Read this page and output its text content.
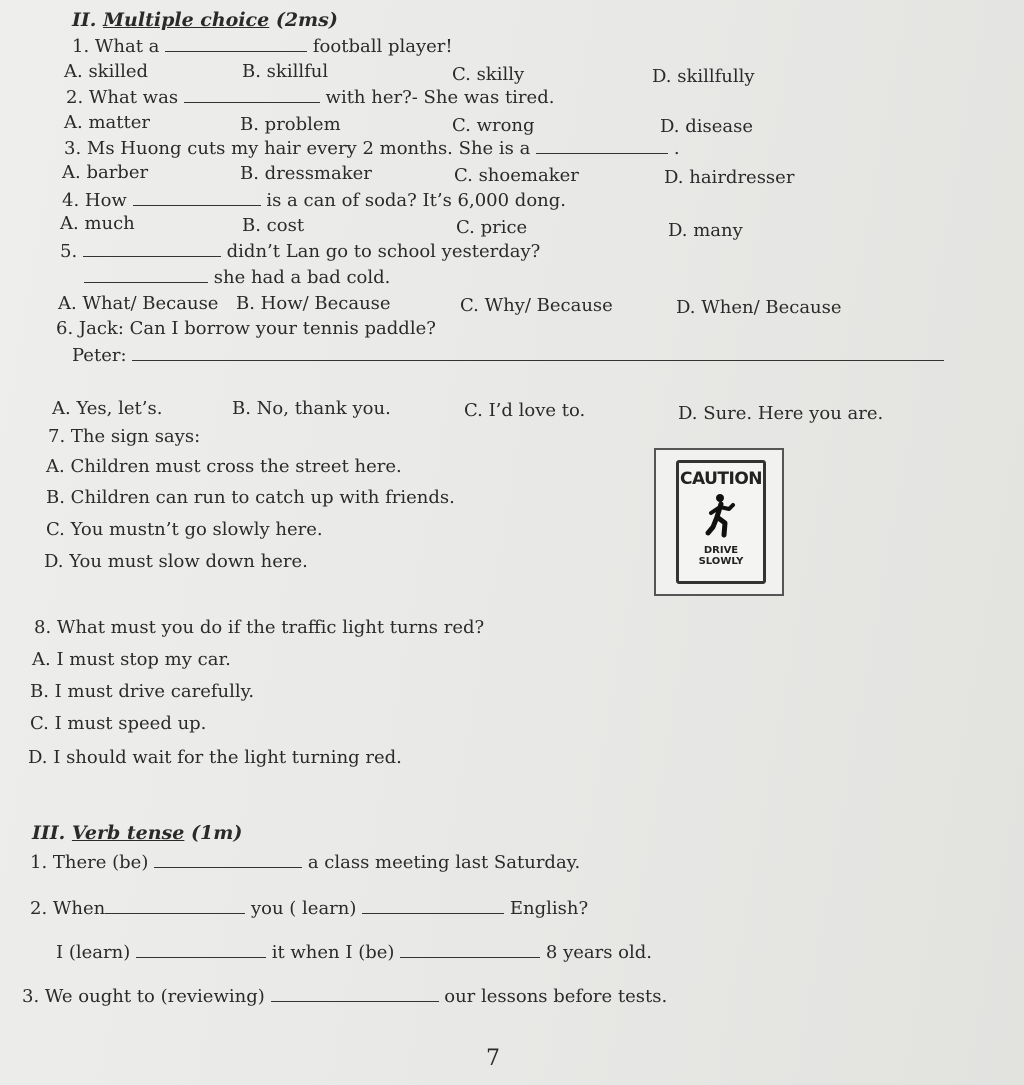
II. Multiple choice (2ms)
1. What a	football player!
A. skilled	B. skillful	C. skilly	D. skillfully
2. What was	with her?- She was tired.
A. matter	B. problem	C. wrong	D. disease
3. Ms Huong cuts my hair every 2 months. She is a	.
A. barber	B. dressmaker	C. shoemaker	D. hairdresser
4. How	is a can of soda? It’s 6,000 dong.
A. much	B. cost	C. price	D. many
5.	didn’t Lan go to school yesterday?
she had a bad cold.
A. What/ Because B. How/ Because	C. Why/ Because	D. When/ Because
6. Jack: Can I borrow your tennis paddle?
Peter:
A. Yes, let’s.	B. No, thank you.	C. I’d love to.	D. Sure. Here you are.
7. The sign says:
A. Children must cross the street here.
B. Children can run to catch up with friends.
C. You mustn’t go slowly here.
D. You must slow down here.
CAUTION
DRIVE
SLOWLY
8. What must you do if the traffic light turns red?
A. I must stop my car.
B. I must drive carefully.
C. I must speed up.
D. I should wait for the light turning red.
III. Verb tense (1m)
1. There (be)	a class meeting last Saturday.
2. When	you ( learn)	English?
I (learn)	it when I (be)	8 years old.
3. We ought to (reviewing)	our lessons before tests.
7
